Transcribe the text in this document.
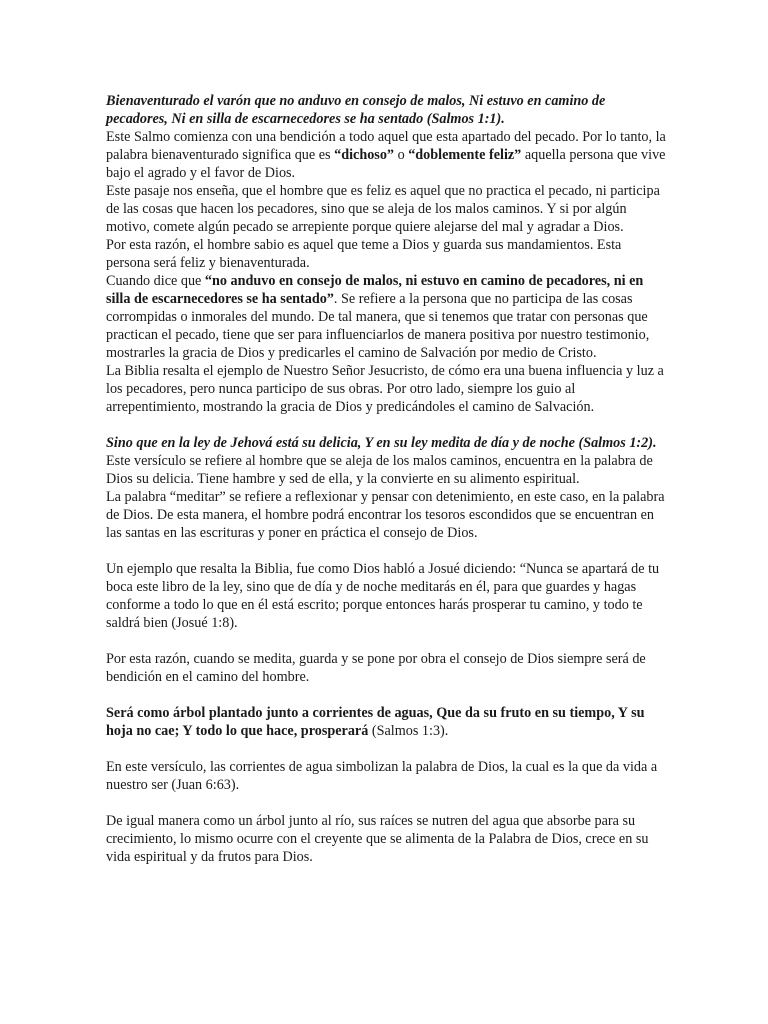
Bienaventurado el varón que no anduvo en consejo de malos, Ni estuvo en camino de pecadores, Ni en silla de escarnecedores se ha sentado (Salmos 1:1).

Este Salmo comienza con una bendición a todo aquel que esta apartado del pecado. Por lo tanto, la palabra bienaventurado significa que es “dichoso” o “doblemente feliz” aquella persona que vive bajo el agrado y el favor de Dios.

Este pasaje nos enseña, que el hombre que es feliz es aquel que no practica el pecado, ni participa de las cosas que hacen los pecadores, sino que se aleja de los malos caminos. Y si por algún motivo, comete algún pecado se arrepiente porque quiere alejarse del mal y agradar a Dios.

Por esta razón, el hombre sabio es aquel que teme a Dios y guarda sus mandamientos. Esta persona será feliz y bienaventurada.

Cuando dice que “no anduvo en consejo de malos, ni estuvo en camino de pecadores, ni en silla de escarnecedores se ha sentado”. Se refiere a la persona que no participa de las cosas corrompidas o inmorales del mundo. De tal manera, que si tenemos que tratar con personas que practican el pecado, tiene que ser para influenciarlos de manera positiva por nuestro testimonio, mostrarles la gracia de Dios y predicarles el camino de Salvación por medio de Cristo.

La Biblia resalta el ejemplo de Nuestro Señor Jesucristo, de cómo era una buena influencia y luz a los pecadores, pero nunca participo de sus obras. Por otro lado, siempre los guio al arrepentimiento, mostrando la gracia de Dios y predicándoles el camino de Salvación.

Sino que en la ley de Jehová está su delicia, Y en su ley medita de día y de noche (Salmos 1:2).

Este versículo se refiere al hombre que se aleja de los malos caminos, encuentra en la palabra de Dios su delicia. Tiene hambre y sed de ella, y la convierte en su alimento espiritual.

La palabra “meditar” se refiere a reflexionar y pensar con detenimiento, en este caso, en la palabra de Dios. De esta manera, el hombre podrá encontrar los tesoros escondidos que se encuentran en las santas en las escrituras y poner en práctica el consejo de Dios.

Un ejemplo que resalta la Biblia, fue como Dios habló a Josué diciendo: “Nunca se apartará de tu boca este libro de la ley, sino que de día y de noche meditarás en él, para que guardes y hagas conforme a todo lo que en él está escrito; porque entonces harás prosperar tu camino, y todo te saldrá bien (Josué 1:8).

Por esta razón, cuando se medita, guarda y se pone por obra el consejo de Dios siempre será de bendición en el camino del hombre.

Será como árbol plantado junto a corrientes de aguas, Que da su fruto en su tiempo, Y su hoja no cae; Y todo lo que hace, prosperará (Salmos 1:3).

En este versículo, las corrientes de agua simbolizan la palabra de Dios, la cual es la que da vida a nuestro ser (Juan 6:63).

De igual manera como un árbol junto al río, sus raíces se nutren del agua que absorbe para su crecimiento, lo mismo ocurre con el creyente que se alimenta de la Palabra de Dios, crece en su vida espiritual y da frutos para Dios.
